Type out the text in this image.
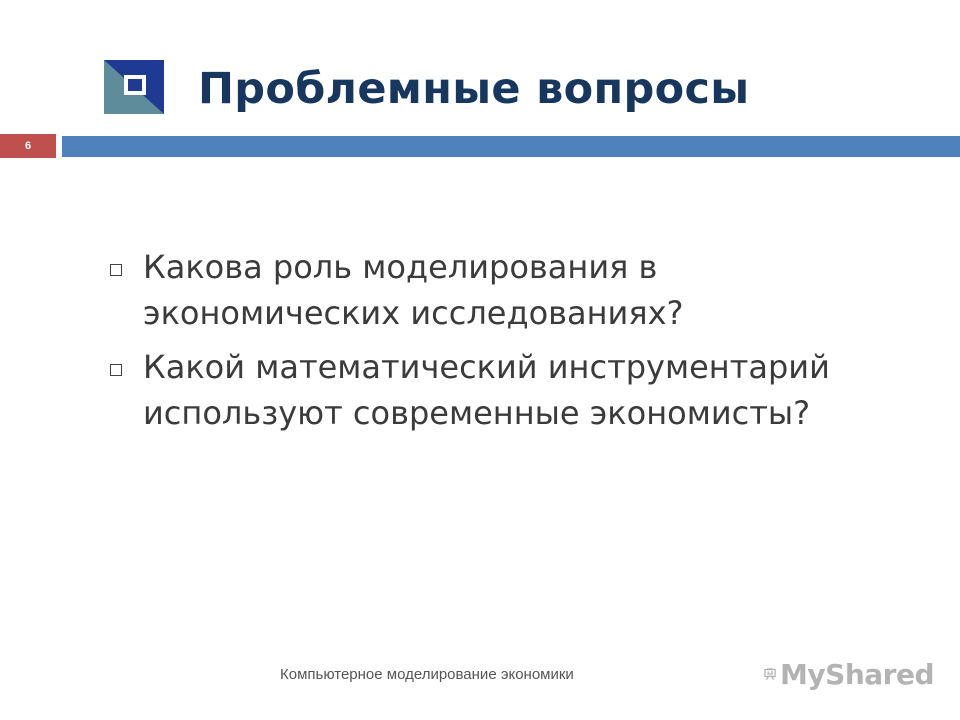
Проблемные вопросы
6
Какова роль моделирования в
экономических исследованиях?
Какой математический инструментарий
используют современные экономисты?
Компьютерное моделирование экономики	MyShared
